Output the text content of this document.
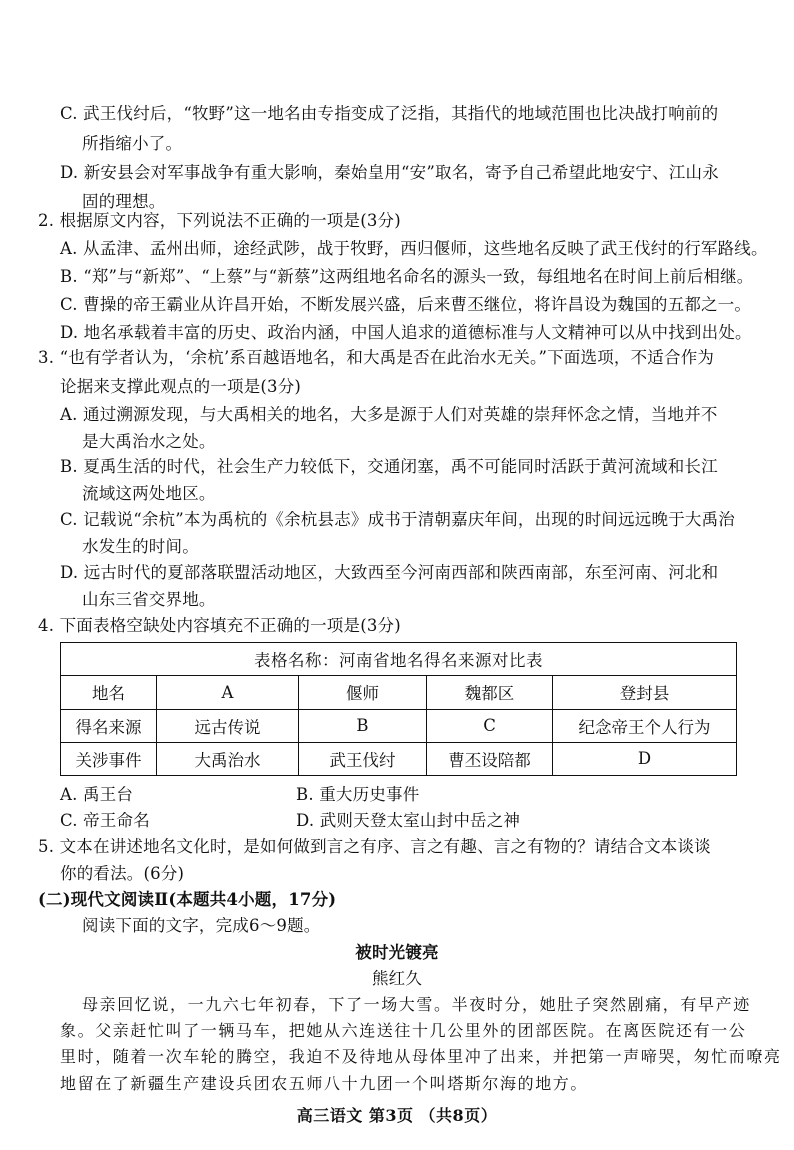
C. 武王伐纣后，“牧野”这一地名由专指变成了泛指，其指代的地域范围也比决战打响前的
所指缩小了。
D. 新安县会对军事战争有重大影响，秦始皇用“安”取名，寄予自己希望此地安宁、江山永
固的理想。
2. 根据原文内容，下列说法不正确的一项是(3分)
A. 从孟津、孟州出师，途经武陟，战于牧野，西归偃师，这些地名反映了武王伐纣的行军路线。
B. “郑”与“新郑”、“上蔡”与“新蔡”这两组地名命名的源头一致，每组地名在时间上前后相继。
C. 曹操的帝王霸业从许昌开始，不断发展兴盛，后来曹丕继位，将许昌设为魏国的五都之一。
D. 地名承载着丰富的历史、政治内涵，中国人追求的道德标准与人文精神可以从中找到出处。
3. “也有学者认为，‘余杭’系百越语地名，和大禹是否在此治水无关。”下面选项，不适合作为
论据来支撑此观点的一项是(3分)
A. 通过溯源发现，与大禹相关的地名，大多是源于人们对英雄的崇拜怀念之情，当地并不
是大禹治水之处。
B. 夏禹生活的时代，社会生产力较低下，交通闭塞，禹不可能同时活跃于黄河流域和长江
流域这两处地区。
C. 记载说“余杭”本为禹杭的《余杭县志》成书于清朝嘉庆年间，出现的时间远远晚于大禹治
水发生的时间。
D. 远古时代的夏部落联盟活动地区，大致西至今河南西部和陕西南部，东至河南、河北和
山东三省交界地。
4. 下面表格空缺处内容填充不正确的一项是(3分)
表格名称：河南省地名得名来源对比表				
地名	A	偃师	魏都区	登封县
得名来源	远古传说	B	C	纪念帝王个人行为
关涉事件	大禹治水	武王伐纣	曹丕设陪都	D
A. 禹王台	B. 重大历史事件
C. 帝王命名	D. 武则天登太室山封中岳之神
5. 文本在讲述地名文化时，是如何做到言之有序、言之有趣、言之有物的？请结合文本谈谈
你的看法。(6分)
(二)现代文阅读Ⅱ(本题共4小题，17分)
阅读下面的文字，完成6～9题。
被时光镀亮
熊红久
母亲回忆说，一九六七年初春，下了一场大雪。半夜时分，她肚子突然剧痛，有早产迹
象。父亲赶忙叫了一辆马车，把她从六连送往十几公里外的团部医院。在离医院还有一公
里时，随着一次车轮的腾空，我迫不及待地从母体里冲了出来，并把第一声啼哭，匆忙而嘹亮
地留在了新疆生产建设兵团农五师八十九团一个叫塔斯尔海的地方。
高三语文 第3页 （共8页）
